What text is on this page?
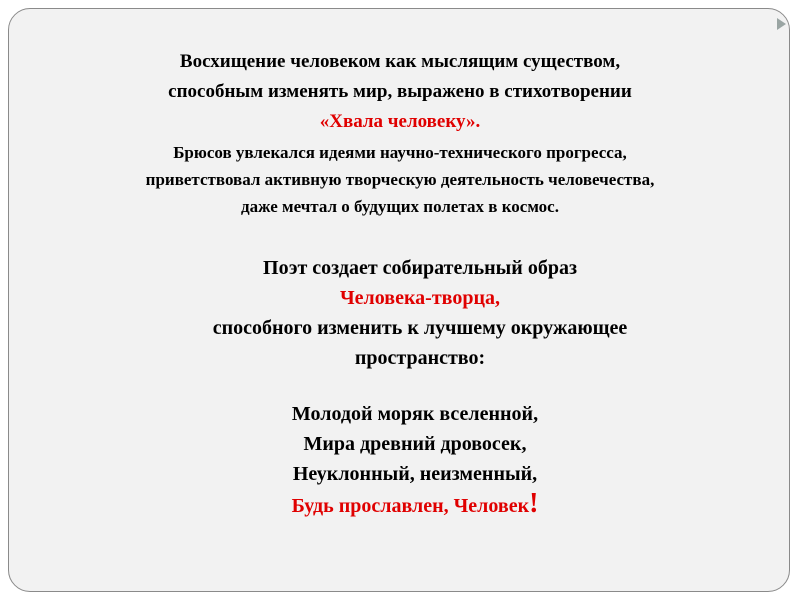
Восхищение человеком как мыслящим существом,
способным изменять мир, выражено в стихотворении
«Хвала человеку».
Брюсов увлекался идеями научно-технического прогресса,
приветствовал активную творческую деятельность человечества,
даже мечтал о будущих полетах в космос.
Поэт создает собирательный образ
Человека-творца,
способного изменить к лучшему окружающее
пространство:
Молодой моряк вселенной,
Мира древний дровосек,
Неуклонный, неизменный,
Будь прославлен, Человек!
